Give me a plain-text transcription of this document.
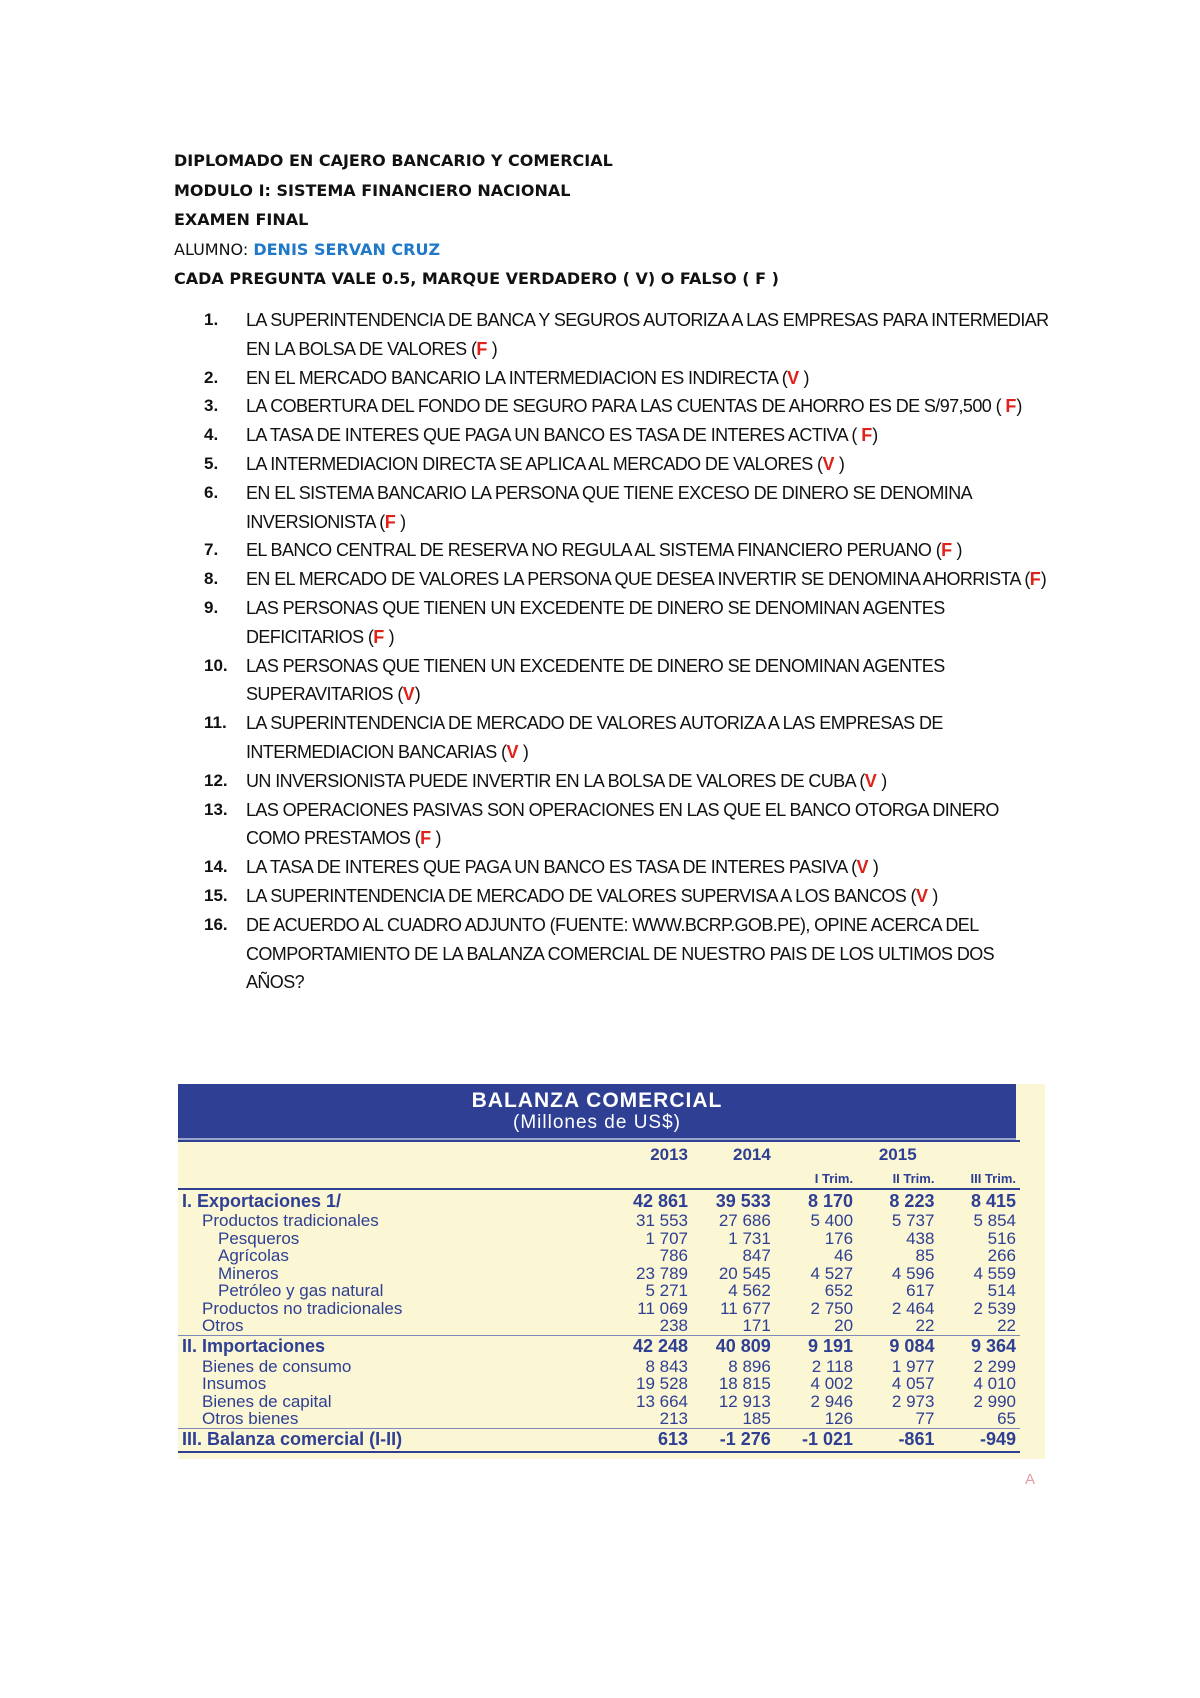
DIPLOMADO EN CAJERO BANCARIO Y COMERCIAL
MODULO I: SISTEMA FINANCIERO NACIONAL
EXAMEN FINAL
ALUMNO: DENIS SERVAN CRUZ
CADA PREGUNTA VALE 0.5, MARQUE VERDADERO ( V) O FALSO ( F )
1. LA SUPERINTENDENCIA DE BANCA Y SEGUROS AUTORIZA A LAS EMPRESAS PARA INTERMEDIAR EN LA BOLSA DE VALORES (F )
2. EN EL MERCADO BANCARIO LA INTERMEDIACION ES INDIRECTA (V )
3. LA COBERTURA DEL FONDO DE SEGURO PARA LAS CUENTAS DE AHORRO ES DE S/97,500 ( F)
4. LA TASA DE INTERES QUE PAGA UN BANCO ES TASA DE INTERES ACTIVA ( F)
5. LA INTERMEDIACION DIRECTA SE APLICA AL MERCADO DE VALORES (V )
6. EN EL SISTEMA BANCARIO LA PERSONA QUE TIENE EXCESO DE DINERO SE DENOMINA INVERSIONISTA (F )
7. EL BANCO CENTRAL DE RESERVA NO REGULA AL SISTEMA FINANCIERO PERUANO (F )
8. EN EL MERCADO DE VALORES LA PERSONA QUE DESEA INVERTIR SE DENOMINA AHORRISTA (F)
9. LAS PERSONAS QUE TIENEN UN EXCEDENTE DE DINERO SE DENOMINAN AGENTES DEFICITARIOS (F )
10. LAS PERSONAS QUE TIENEN UN EXCEDENTE DE DINERO SE DENOMINAN AGENTES SUPERAVITARIOS (V)
11. LA SUPERINTENDENCIA DE MERCADO DE VALORES AUTORIZA A LAS EMPRESAS DE INTERMEDIACION BANCARIAS (V )
12. UN INVERSIONISTA PUEDE INVERTIR EN LA BOLSA DE VALORES DE CUBA (V )
13. LAS OPERACIONES PASIVAS SON OPERACIONES EN LAS QUE EL BANCO OTORGA DINERO COMO PRESTAMOS (F )
14. LA TASA DE INTERES QUE PAGA UN BANCO ES TASA DE INTERES PASIVA (V )
15. LA SUPERINTENDENCIA DE MERCADO DE VALORES SUPERVISA A LOS BANCOS (V )
16. DE ACUERDO AL CUADRO ADJUNTO (FUENTE: WWW.BCRP.GOB.PE), OPINE ACERCA DEL COMPORTAMIENTO DE LA BALANZA COMERCIAL DE NUESTRO PAIS DE LOS ULTIMOS DOS AÑOS?
BALANZA COMERCIAL
(Millones de US$)
	2013	2014		2015	
			I Trim.	II Trim.	III Trim.
I. Exportaciones 1/	42 861	39 533	8 170	8 223	8 415
Productos tradicionales	31 553	27 686	5 400	5 737	5 854
Pesqueros	1 707	1 731	176	438	516
Agrícolas	786	847	46	85	266
Mineros	23 789	20 545	4 527	4 596	4 559
Petróleo y gas natural	5 271	4 562	652	617	514
Productos no tradicionales	11 069	11 677	2 750	2 464	2 539
Otros	238	171	20	22	22
II. Importaciones	42 248	40 809	9 191	9 084	9 364
Bienes de consumo	8 843	8 896	2 118	1 977	2 299
Insumos	19 528	18 815	4 002	4 057	4 010
Bienes de capital	13 664	12 913	2 946	2 973	2 990
Otros bienes	213	185	126	77	65
III. Balanza comercial (I-II)	613	-1 276	-1 021	-861	-949
A
